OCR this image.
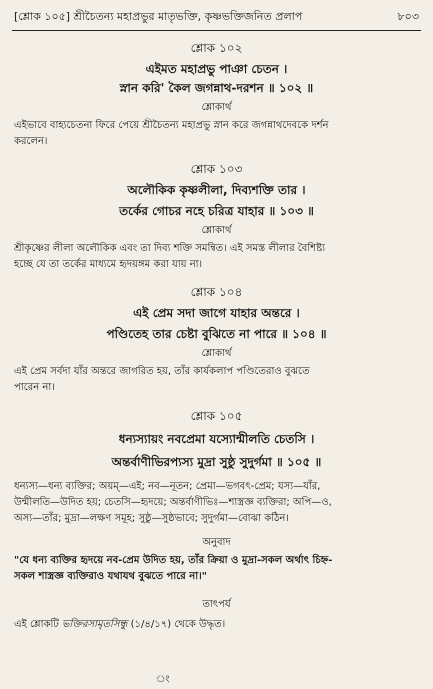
[শ্লোক ১০৫] শ্রীচৈতন্য মহাপ্রভুর মাতৃভক্তি, কৃষ্ণভক্তিজনিত প্রলাপ	৮০৩
শ্লোক ১০২
এইমত মহাপ্রভু পাঞা চেতন ।
স্নান করি' কৈল জগন্নাথ-দরশন ॥ ১০২ ॥
শ্লোকার্থ
এইভাবে বাহ্যচেতনা ফিরে পেয়ে শ্রীচৈতন্য মহাপ্রভু স্নান করে জগন্নাথদেবকে দর্শন
করলেন।
শ্লোক ১০৩
অলৌকিক কৃষ্ণলীলা, দিব্যশক্তি তার ।
তর্কের গোচর নহে চরিত্র যাহার ॥ ১০৩ ॥
শ্লোকার্থ
শ্রীকৃষ্ণের লীলা অলৌকিক এবং তা দিব্য শক্তি সমন্বিত। এই সমস্ত লীলার বৈশিষ্ট্য
হচ্ছে যে তা তর্কের মাধ্যমে হৃদয়ঙ্গম করা যায় না।
শ্লোক ১০৪
এই প্রেম সদা জাগে যাহার অন্তরে ।
পণ্ডিতেহ তার চেষ্টা বুঝিতে না পারে ॥ ১০৪ ॥
শ্লোকার্থ
এই প্রেম সর্বদা যাঁর অন্তরে জাগরিত হয়, তাঁর কার্যকলাপ পণ্ডিতেরাও বুঝতে
পারেন না।
শ্লোক ১০৫
ধন্যস্যায়ং নবপ্রেমা যস্যোন্মীলতি চেতসি ।
অন্তর্বাণীভিরপ্যস্য মুদ্রা সুষ্ঠু সুদুর্গমা ॥ ১০৫ ॥
ধন্যস্য—ধন্য ব্যক্তির; অয়ম্—এই; নব—নূতন; প্রেমা—ভগবৎ-প্রেম; যস্য—যাঁর,
উন্মীলতি—উদিত হয়; চেতসি—হৃদয়ে; অন্তর্বাণীভিঃ—শাস্ত্রজ্ঞ ব্যক্তিরা; অপি—ও,
অস্য—তাঁর; মুদ্রা—লক্ষণ সমূহ; সুষ্ঠু—সুষ্ঠভাবে; সুদুর্গমা—বোঝা কঠিন।
অনুবাদ
"যে ধন্য ব্যক্তির হৃদয়ে নব-প্রেম উদিত হয়, তাঁর ক্রিয়া ও মুদ্রা-সকল অর্থাৎ চিহ্ন-
সকল শাস্ত্রজ্ঞ ব্যক্তিরাও যথাযথ বুঝতে পারে না।"
তাৎপর্য
এই শ্লোকটি ভক্তিরসামৃতসিন্ধু (১/৪/১৭) থেকে উদ্ধৃত।
ং
